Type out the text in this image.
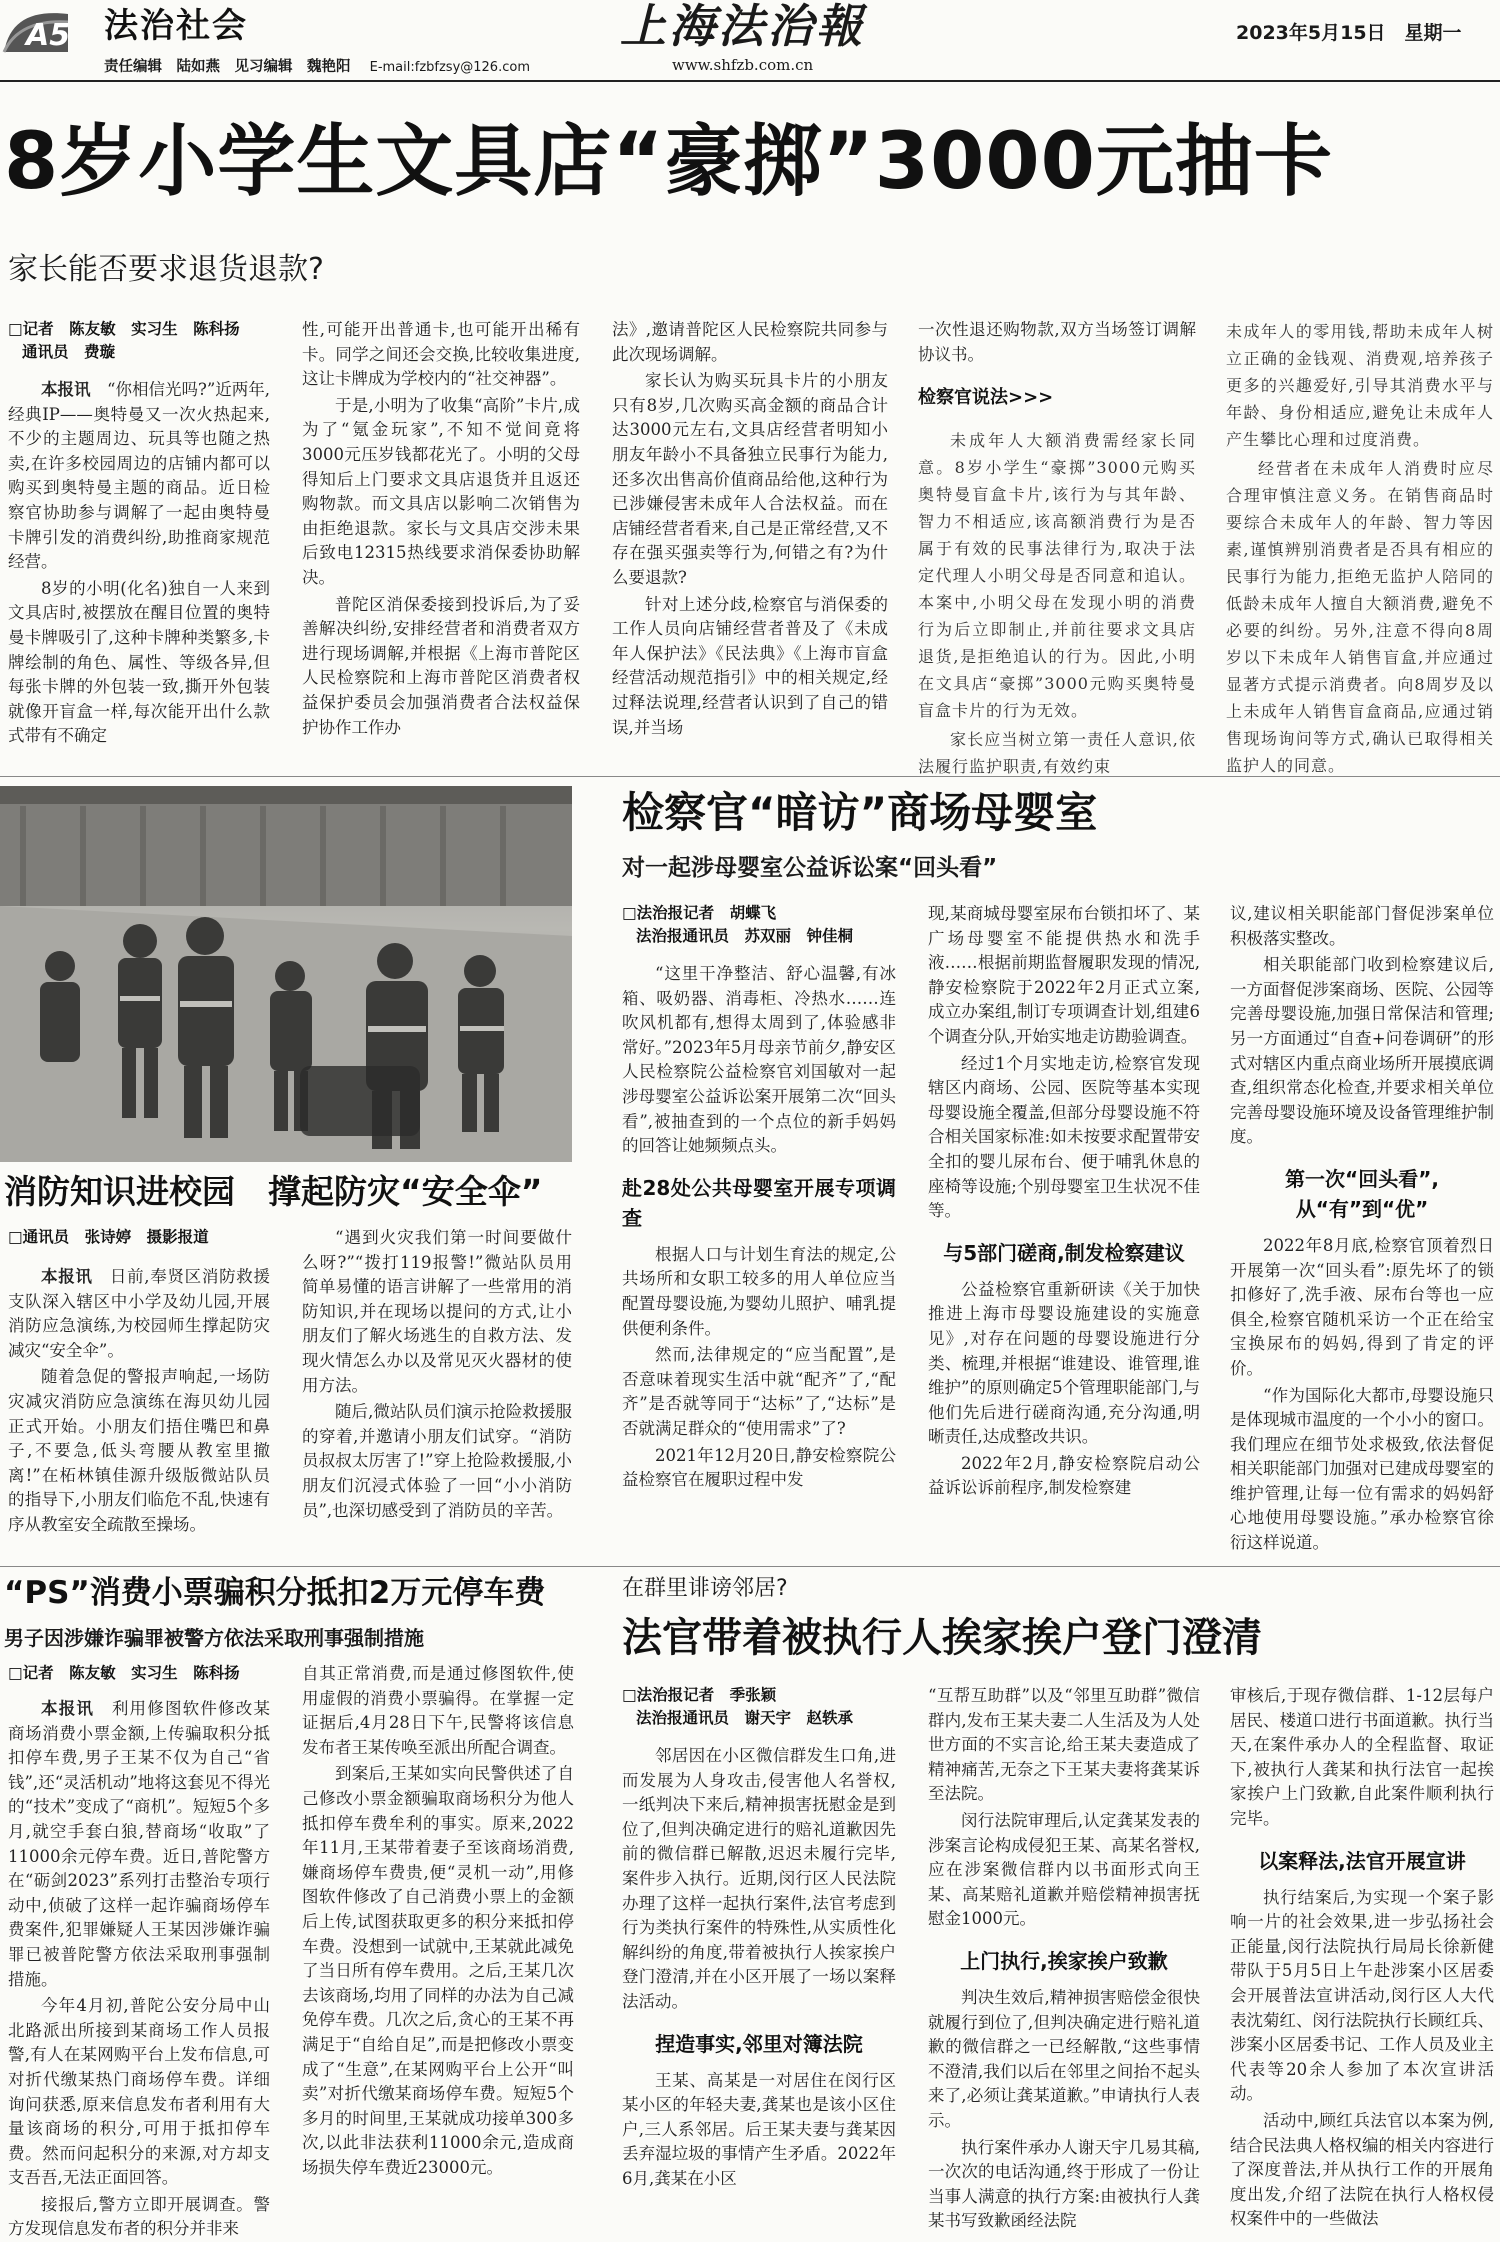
A5 法治社会
责任编辑　陆如燕　见习编辑　魏艳阳　 E-mail:fzbfzsy@126.com
上海法治報
www.shfzb.com.cn
2023年5月15日　星期一
8岁小学生文具店“豪掷”3000元抽卡
家长能否要求退货退款?
□记者　陈友敏　实习生　陈科扬
通讯员　费璇

本报讯　 “你相信光吗?”近两年,经典IP——奥特曼又一次火热起来,不少的主题周边、玩具等也随之热卖,在许多校园周边的店铺内都可以购买到奥特曼主题的商品。近日检察官协助参与调解了一起由奥特曼卡牌引发的消费纠纷,助推商家规范经营。

8岁的小明(化名)独自一人来到文具店时,被摆放在醒目位置的奥特曼卡牌吸引了,这种卡牌种类繁多,卡牌绘制的角色、属性、等级各异,但每张卡牌的外包装一致,撕开外包装就像开盲盒一样,每次能开出什么款式带有不确定

性,可能开出普通卡,也可能开出稀有卡。同学之间还会交换,比较收集进度,这让卡牌成为学校内的“社交神器”。

于是,小明为了收集“高阶”卡片,成为了“氪金玩家”,不知不觉间竟将3000元压岁钱都花光了。小明的父母得知后上门要求文具店退货并且返还购物款。而文具店以影响二次销售为由拒绝退款。家长与文具店交涉未果后致电12315热线要求消保委协助解决。

普陀区消保委接到投诉后,为了妥善解决纠纷,安排经营者和消费者双方进行现场调解,并根据《上海市普陀区人民检察院和上海市普陀区消费者权益保护委员会加强消费者合法权益保护协作工作办

法》,邀请普陀区人民检察院共同参与此次现场调解。

家长认为购买玩具卡片的小朋友只有8岁,几次购买高金额的商品合计达3000元左右,文具店经营者明知小朋友年龄小不具备独立民事行为能力,还多次出售高价值商品给他,这种行为已涉嫌侵害未成年人合法权益。而在店铺经营者看来,自己是正常经营,又不存在强买强卖等行为,何错之有?为什么要退款?

针对上述分歧,检察官与消保委的工作人员向店铺经营者普及了《未成年人保护法》《民法典》《上海市盲盒经营活动规范指引》中的相关规定,经过释法说理,经营者认识到了自己的错误,并当场

一次性退还购物款,双方当场签订调解协议书。

检察官说法>>>

未成年人大额消费需经家长同意。8岁小学生“豪掷”3000元购买奥特曼盲盒卡片,该行为与其年龄、智力不相适应,该高额消费行为是否属于有效的民事法律行为,取决于法定代理人小明父母是否同意和追认。本案中,小明父母在发现小明的消费行为后立即制止,并前往要求文具店退货,是拒绝追认的行为。因此,小明在文具店“豪掷”3000元购买奥特曼盲盒卡片的行为无效。

家长应当树立第一责任人意识,依法履行监护职责,有效约束

未成年人的零用钱,帮助未成年人树立正确的金钱观、消费观,培养孩子更多的兴趣爱好,引导其消费水平与年龄、身份相适应,避免让未成年人产生攀比心理和过度消费。

经营者在未成年人消费时应尽合理审慎注意义务。在销售商品时要综合未成年人的年龄、智力等因素,谨慎辨别消费者是否具有相应的民事行为能力,拒绝无监护人陪同的低龄未成年人擅自大额消费,避免不必要的纠纷。另外,注意不得向8周岁以下未成年人销售盲盒,并应通过显著方式提示消费者。向8周岁及以上未成年人销售盲盒商品,应通过销售现场询问等方式,确认已取得相关监护人的同意。

消防知识进校园　撑起防灾“安全伞”
□通讯员　张诗婷　摄影报道

本报讯　 日前,奉贤区消防救援支队深入辖区中小学及幼儿园,开展消防应急演练,为校园师生撑起防灾减灾“安全伞”。

随着急促的警报声响起,一场防灾减灾消防应急演练在海贝幼儿园正式开始。小朋友们捂住嘴巴和鼻子,不要急,低头弯腰从教室里撤离!”在柘林镇佳源升级版微站队员的指导下,小朋友们临危不乱,快速有序从教室安全疏散至操场。

“遇到火灾我们第一时间要做什么呀?”“拨打119报警!”微站队员用简单易懂的语言讲解了一些常用的消防知识,并在现场以提问的方式,让小朋友们了解火场逃生的自救方法、发现火情怎么办以及常见灭火器材的使用方法。

随后,微站队员们演示抢险救援服的穿着,并邀请小朋友们试穿。“消防员叔叔太厉害了!”穿上抢险救援服,小朋友们沉浸式体验了一回“小小消防员”,也深切感受到了消防员的辛苦。

检察官“暗访”商场母婴室
对一起涉母婴室公益诉讼案“回头看”
□法治报记者　胡蝶飞
法治报通讯员　苏双丽　钟佳桐

“这里干净整洁、舒心温馨,有冰箱、吸奶器、消毒柜、冷热水……连吹风机都有,想得太周到了,体验感非常好。”2023年5月母亲节前夕,静安区人民检察院公益检察官刘国敏对一起涉母婴室公益诉讼案开展第二次“回头看”,被抽查到的一个点位的新手妈妈的回答让她频频点头。

赴28处公共母婴室开展专项调查

根据人口与计划生育法的规定,公共场所和女职工较多的用人单位应当配置母婴设施,为婴幼儿照护、哺乳提供便利条件。

然而,法律规定的“应当配置”,是否意味着现实生活中就“配齐”了,“配齐”是否就等同于“达标”了,“达标”是否就满足群众的“使用需求”了?

2021年12月20日,静安检察院公益检察官在履职过程中发

现,某商城母婴室尿布台锁扣坏了、某广场母婴室不能提供热水和洗手液……根据前期监督履职发现的情况,静安检察院于2022年2月正式立案,成立办案组,制订专项调查计划,组建6个调查分队,开始实地走访勘验调查。

经过1个月实地走访,检察官发现辖区内商场、公园、医院等基本实现母婴设施全覆盖,但部分母婴设施不符合相关国家标准:如未按要求配置带安全扣的婴儿尿布台、便于哺乳休息的座椅等设施;个别母婴室卫生状况不佳等。

与5部门磋商,制发检察建议

公益检察官重新研读《关于加快推进上海市母婴设施建设的实施意见》,对存在问题的母婴设施进行分类、梳理,并根据“谁建设、谁管理,谁维护”的原则确定5个管理职能部门,与他们先后进行磋商沟通,充分沟通,明晰责任,达成整改共识。

2022年2月,静安检察院启动公益诉讼诉前程序,制发检察建

议,建议相关职能部门督促涉案单位积极落实整改。

相关职能部门收到检察建议后,一方面督促涉案商场、医院、公园等完善母婴设施,加强日常保洁和管理;另一方面通过“自查+问卷调研”的形式对辖区内重点商业场所开展摸底调查,组织常态化检查,并要求相关单位完善母婴设施环境及设备管理维护制度。

第一次“回头看”,从“有”到“优”

2022年8月底,检察官顶着烈日开展第一次“回头看”:原先坏了的锁扣修好了,洗手液、尿布台等也一应俱全,检察官随机采访一个正在给宝宝换尿布的妈妈,得到了肯定的评价。

“作为国际化大都市,母婴设施只是体现城市温度的一个小小的窗口。我们理应在细节处求极致,依法督促相关职能部门加强对已建成母婴室的维护管理,让每一位有需求的妈妈舒心地使用母婴设施。”承办检察官徐衍这样说道。

“PS”消费小票骗积分抵扣2万元停车费
男子因涉嫌诈骗罪被警方依法采取刑事强制措施
□记者　陈友敏　实习生　陈科扬

本报讯　 利用修图软件修改某商场消费小票金额,上传骗取积分抵扣停车费,男子王某不仅为自己“省钱”,还“灵活机动”地将这套见不得光的“技术”变成了“商机”。短短5个多月,就空手套白狼,替商场“收取”了11000余元停车费。近日,普陀警方在“砺剑2023”系列打击整治专项行动中,侦破了这样一起诈骗商场停车费案件,犯罪嫌疑人王某因涉嫌诈骗罪已被普陀警方依法采取刑事强制措施。

今年4月初,普陀公安分局中山北路派出所接到某商场工作人员报警,有人在某网购平台上发布信息,可对折代缴某热门商场停车费。详细询问获悉,原来信息发布者利用有大量该商场的积分,可用于抵扣停车费。然而问起积分的来源,对方却支支吾吾,无法正面回答。

接报后,警方立即开展调查。警方发现信息发布者的积分并非来

自其正常消费,而是通过修图软件,使用虚假的消费小票骗得。在掌握一定证据后,4月28日下午,民警将该信息发布者王某传唤至派出所配合调查。

到案后,王某如实向民警供述了自己修改小票金额骗取商场积分为他人抵扣停车费牟利的事实。原来,2022年11月,王某带着妻子至该商场消费,嫌商场停车费贵,便“灵机一动”,用修图软件修改了自己消费小票上的金额后上传,试图获取更多的积分来抵扣停车费。没想到一试就中,王某就此减免了当日所有停车费用。之后,王某几次去该商场,均用了同样的办法为自己减免停车费。几次之后,贪心的王某不再满足于“自给自足”,而是把修改小票变成了“生意”,在某网购平台上公开“叫卖”对折代缴某商场停车费。短短5个多月的时间里,王某就成功接单300多次,以此非法获利11000余元,造成商场损失停车费近23000元。

在群里诽谤邻居?
法官带着被执行人挨家挨户登门澄清
□法治报记者　季张颖
法治报通讯员　谢天宇　赵轶承

邻居因在小区微信群发生口角,进而发展为人身攻击,侵害他人名誉权,一纸判决下来后,精神损害抚慰金是到位了,但判决确定进行的赔礼道歉因先前的微信群已解散,迟迟未履行完毕,案件步入执行。近期,闵行区人民法院办理了这样一起执行案件,法官考虑到行为类执行案件的特殊性,从实质性化解纠纷的角度,带着被执行人挨家挨户登门澄清,并在小区开展了一场以案释法活动。

捏造事实,邻里对簿法院

王某、高某是一对居住在闵行区某小区的年轻夫妻,龚某也是该小区住户,三人系邻居。后王某夫妻与龚某因丢弃湿垃圾的事情产生矛盾。2022年6月,龚某在小区

“互帮互助群”以及“邻里互助群”微信群内,发布王某夫妻二人生活及为人处世方面的不实言论,给王某夫妻造成了精神痛苦,无奈之下王某夫妻将龚某诉至法院。

闵行法院审理后,认定龚某发表的涉案言论构成侵犯王某、高某名誉权,应在涉案微信群内以书面形式向王某、高某赔礼道歉并赔偿精神损害抚慰金1000元。

上门执行,挨家挨户致歉

判决生效后,精神损害赔偿金很快就履行到位了,但判决确定进行赔礼道歉的微信群之一已经解散,“这些事情不澄清,我们以后在邻里之间抬不起头来了,必须让龚某道歉。”申请执行人表示。

执行案件承办人谢天宇几易其稿,一次次的电话沟通,终于形成了一份让当事人满意的执行方案:由被执行人龚某书写致歉函经法院

审核后,于现存微信群、1-12层每户居民、楼道口进行书面道歉。执行当天,在案件承办人的全程监督、取证下,被执行人龚某和执行法官一起挨家挨户上门致歉,自此案件顺利执行完毕。

以案释法,法官开展宣讲

执行结案后,为实现一个案子影响一片的社会效果,进一步弘扬社会正能量,闵行法院执行局局长徐新健带队于5月5日上午赴涉案小区居委会开展普法宣讲活动,闵行区人大代表沈菊红、闵行法院执行长顾红兵、涉案小区居委书记、工作人员及业主代表等20余人参加了本次宣讲活动。

活动中,顾红兵法官以本案为例,结合民法典人格权编的相关内容进行了深度普法,并从执行工作的开展角度出发,介绍了法院在执行人格权侵权案件中的一些做法
